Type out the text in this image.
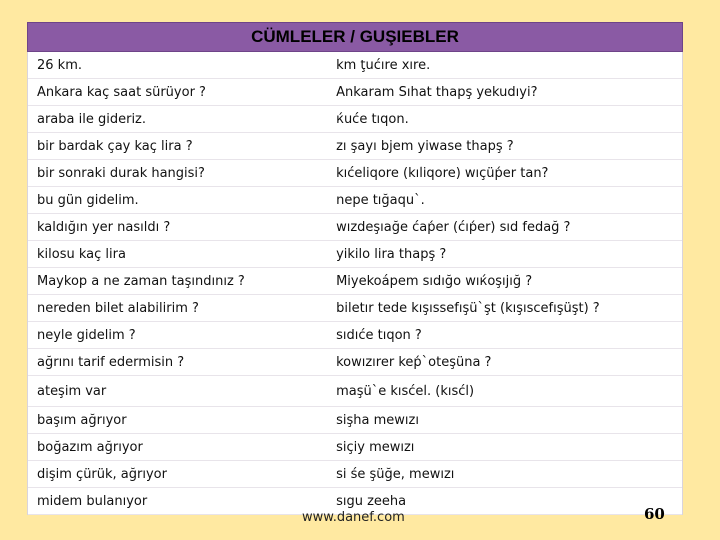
CÜMLELER / GUŞIEBLER
26 km.	km ţućıre xıre.
Ankara kaç saat sürüyor ?	Ankaram Sıhat thapş yekudıyi?
araba ile gideriz.	ќuće tıqon.
bir bardak çay kaç lira ?	zı şayı bjem yiwase thapş ?
bir sonraki durak hangisi?	kıćeĺiqore (kıĺiqore) wıçüṕer tan?
bu gün gidelim.	nepe tığaqu`.
kaldığın yer nasıldı ?	wızdeşıağe ćaṕer (ćıṕer) sıd fedağ ?
kilosu kaç lira	yikilo lira thapş ?
Maykop a ne zaman taşındınız ?	Miyekoápem sıdığo wıќoşıjığ ?
nereden bilet alabilirim ?	biletır tede kışıssefışü`şt (kışıscefışüşt) ?
neyle gidelim ?	sıdıće tıqon ?
ağrını tarif edermisin ?	kowızırer keṕ`oteşüna ?
ateşim var	maşü`e kısćeĺ. (kısćĺ)
başım ağrıyor	sişha mewızı
boğazım ağrıyor	siçiy mewızı
dişim çürük, ağrıyor	si śe şüğe, mewızı
midem bulanıyor	sıgu zeeha
www.danef.com	60
